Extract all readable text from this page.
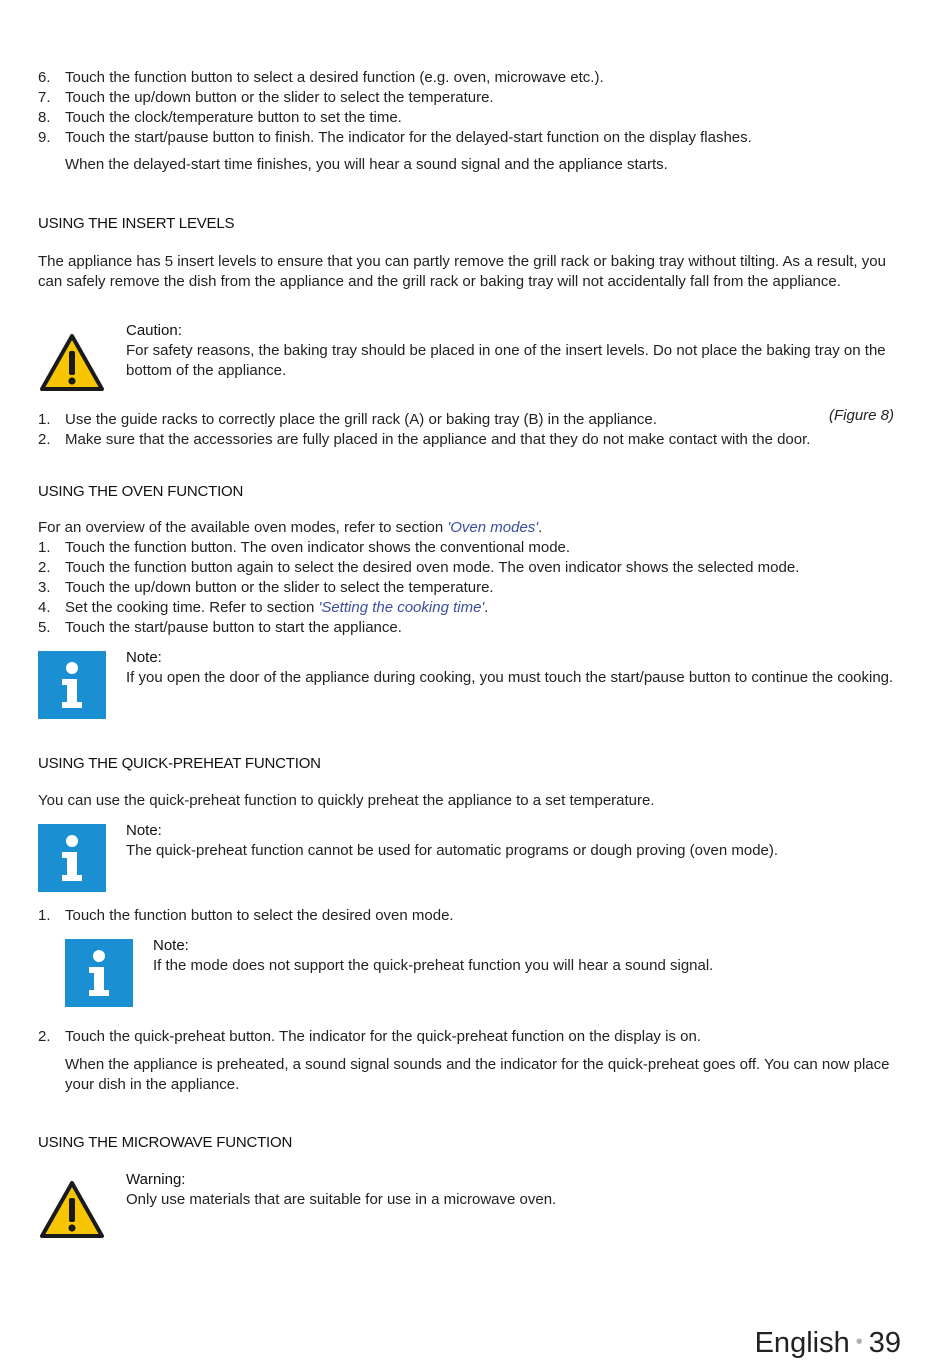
6. Touch the function button to select a desired function (e.g. oven, microwave etc.).
7. Touch the up/down button or the slider to select the temperature.
8. Touch the clock/temperature button to set the time.
9. Touch the start/pause button to finish. The indicator for the delayed-start function on the display flashes.
When the delayed-start time finishes, you will hear a sound signal and the appliance starts.
USING THE INSERT LEVELS
The appliance has 5 insert levels to ensure that you can partly remove the grill rack or baking tray without tilting. As a result, you can safely remove the dish from the appliance and the grill rack or baking tray will not accidentally fall from the appliance.
Caution:
For safety reasons, the baking tray should be placed in one of the insert levels. Do not place the baking tray on the bottom of the appliance.
(Figure 8)
1. Use the guide racks to correctly place the grill rack (A) or baking tray (B) in the appliance.
2. Make sure that the accessories are fully placed in the appliance and that they do not make contact with the door.
USING THE OVEN FUNCTION
For an overview of the available oven modes, refer to section 'Oven modes'.
1. Touch the function button. The oven indicator shows the conventional mode.
2. Touch the function button again to select the desired oven mode. The oven indicator shows the selected mode.
3. Touch the up/down button or the slider to select the temperature.
4. Set the cooking time. Refer to section 'Setting the cooking time'.
5. Touch the start/pause button to start the appliance.
Note:
If you open the door of the appliance during cooking, you must touch the start/pause button to continue the cooking.
USING THE QUICK-PREHEAT FUNCTION
You can use the quick-preheat function to quickly preheat the appliance to a set temperature.
Note:
The quick-preheat function cannot be used for automatic programs or dough proving (oven mode).
1. Touch the function button to select the desired oven mode.
Note:
If the mode does not support the quick-preheat function you will hear a sound signal.
2. Touch the quick-preheat button. The indicator for the quick-preheat function on the display is on.
When the appliance is preheated, a sound signal sounds and the indicator for the quick-preheat goes off. You can now place your dish in the appliance.
USING THE MICROWAVE FUNCTION
Warning:
Only use materials that are suitable for use in a microwave oven.
English • 39
